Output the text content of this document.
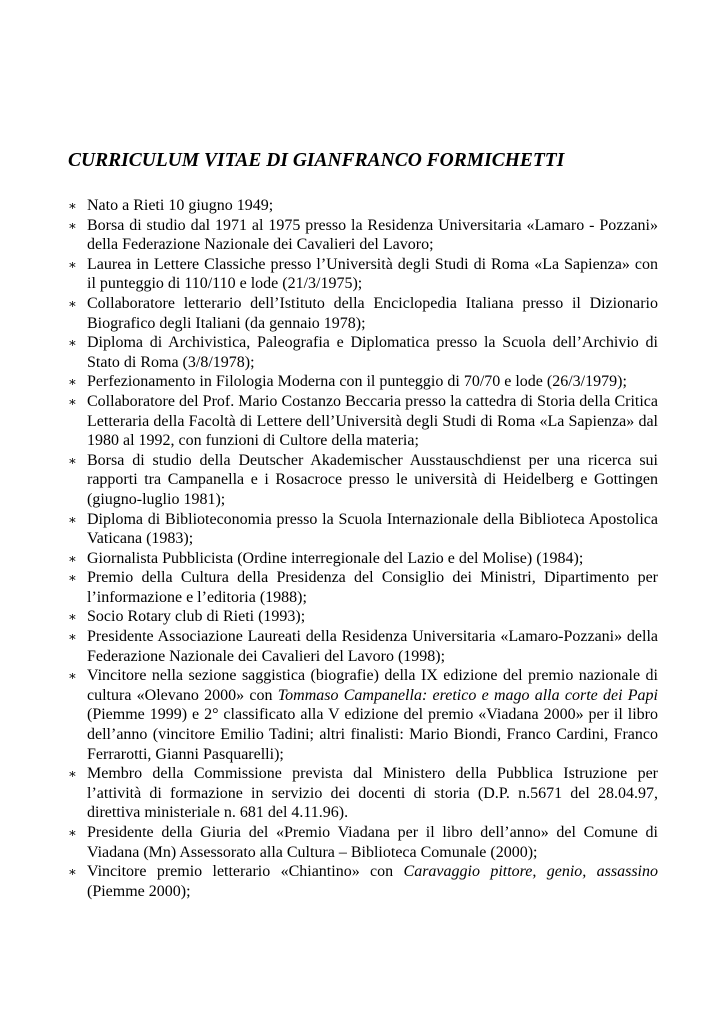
CURRICULUM VITAE DI GIANFRANCO FORMICHETTI
∗ Nato a Rieti 10 giugno 1949;
∗ Borsa di studio dal 1971 al 1975 presso la Residenza Universitaria «Lamaro - Pozzani» della Federazione Nazionale dei Cavalieri del Lavoro;
∗ Laurea in Lettere Classiche presso l’Università degli Studi di Roma «La Sapienza» con il punteggio di 110/110 e lode (21/3/1975);
∗ Collaboratore letterario dell’Istituto della Enciclopedia Italiana presso il Dizionario Biografico degli Italiani (da gennaio 1978);
∗ Diploma di Archivistica, Paleografia e Diplomatica presso la Scuola dell’Archivio di Stato di Roma (3/8/1978);
∗ Perfezionamento in Filologia Moderna con il punteggio di 70/70 e lode (26/3/1979);
∗ Collaboratore del Prof. Mario Costanzo Beccaria presso la cattedra di Storia della Critica Letteraria della Facoltà di Lettere dell’Università degli Studi di Roma «La Sapienza» dal 1980 al 1992, con funzioni di Cultore della materia;
∗ Borsa di studio della Deutscher Akademischer Ausstauschdienst per una ricerca sui rapporti tra Campanella e i Rosacroce presso le università di Heidelberg e Gottingen (giugno-luglio 1981);
∗ Diploma di Biblioteconomia presso la Scuola Internazionale della Biblioteca Apostolica Vaticana (1983);
∗ Giornalista Pubblicista (Ordine interregionale del Lazio e del Molise) (1984);
∗ Premio della Cultura della Presidenza del Consiglio dei Ministri, Dipartimento per l’informazione e l’editoria (1988);
∗ Socio Rotary club di Rieti (1993);
∗ Presidente Associazione Laureati della Residenza Universitaria «Lamaro-Pozzani» della Federazione Nazionale dei Cavalieri del Lavoro (1998);
∗ Vincitore nella sezione saggistica (biografie) della IX edizione del premio nazionale di cultura «Olevano 2000» con Tommaso Campanella: eretico e mago alla corte dei Papi (Piemme 1999) e 2° classificato alla V edizione del premio «Viadana 2000» per il libro dell’anno (vincitore Emilio Tadini; altri finalisti: Mario Biondi, Franco Cardini, Franco Ferrarotti, Gianni Pasquarelli);
∗ Membro della Commissione prevista dal Ministero della Pubblica Istruzione per l’attività di formazione in servizio dei docenti di storia (D.P. n.5671 del 28.04.97, direttiva ministeriale n. 681 del 4.11.96).
∗ Presidente della Giuria del «Premio Viadana per il libro dell’anno» del Comune di Viadana (Mn) Assessorato alla Cultura – Biblioteca Comunale (2000);
∗ Vincitore premio letterario «Chiantino» con Caravaggio pittore, genio, assassino (Piemme 2000);
